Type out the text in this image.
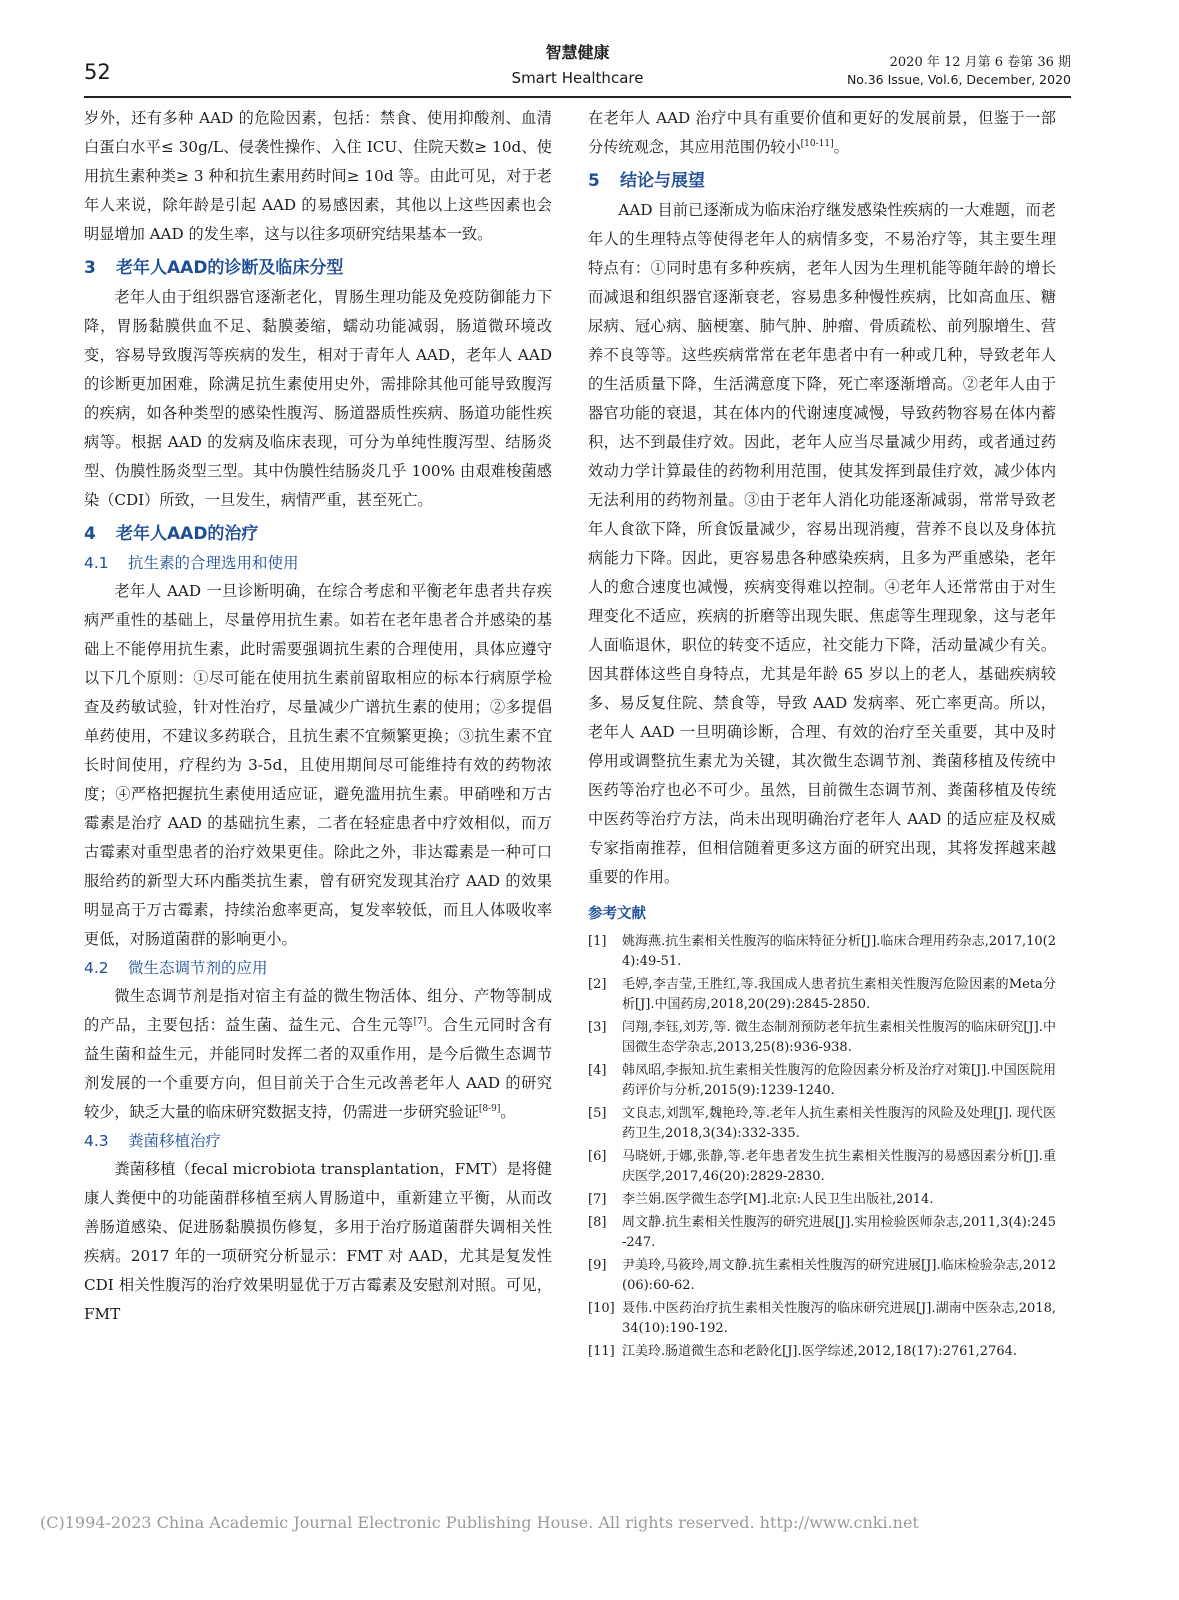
52
智慧健康
Smart Healthcare
2020 年 12 月第 6 卷第 36 期
No.36 Issue, Vol.6, December, 2020

岁外，还有多种 AAD 的危险因素，包括：禁食、使用抑酸剂、血清白蛋白水平≤ 30g/L、侵袭性操作、入住 ICU、住院天数≥ 10d、使用抗生素种类≥ 3 种和抗生素用药时间≥ 10d 等。由此可见，对于老年人来说，除年龄是引起 AAD 的易感因素，其他以上这些因素也会明显增加 AAD 的发生率，这与以往多项研究结果基本一致。

3 老年人AAD的诊断及临床分型

老年人由于组织器官逐渐老化，胃肠生理功能及免疫防御能力下降，胃肠黏膜供血不足、黏膜萎缩，蠕动功能减弱，肠道微环境改变，容易导致腹泻等疾病的发生，相对于青年人 AAD，老年人 AAD 的诊断更加困难，除满足抗生素使用史外，需排除其他可能导致腹泻的疾病，如各种类型的感染性腹泻、肠道器质性疾病、肠道功能性疾病等。根据 AAD 的发病及临床表现，可分为单纯性腹泻型、结肠炎型、伪膜性肠炎型三型。其中伪膜性结肠炎几乎 100% 由艰难梭菌感染（CDI）所致，一旦发生，病情严重，甚至死亡。

4 老年人AAD的治疗
4.1 抗生素的合理选用和使用

老年人 AAD 一旦诊断明确，在综合考虑和平衡老年患者共存疾病严重性的基础上，尽量停用抗生素。如若在老年患者合并感染的基础上不能停用抗生素，此时需要强调抗生素的合理使用，具体应遵守以下几个原则：①尽可能在使用抗生素前留取相应的标本行病原学检查及药敏试验，针对性治疗，尽量减少广谱抗生素的使用；②多提倡单药使用，不建议多药联合，且抗生素不宜频繁更换；③抗生素不宜长时间使用，疗程约为 3-5d，且使用期间尽可能维持有效的药物浓度；④严格把握抗生素使用适应证，避免滥用抗生素。甲硝唑和万古霉素是治疗 AAD 的基础抗生素，二者在轻症患者中疗效相似，而万古霉素对重型患者的治疗效果更佳。除此之外，非达霉素是一种可口服给药的新型大环内酯类抗生素，曾有研究发现其治疗 AAD 的效果明显高于万古霉素，持续治愈率更高，复发率较低，而且人体吸收率更低，对肠道菌群的影响更小。

4.2 微生态调节剂的应用

微生态调节剂是指对宿主有益的微生物活体、组分、产物等制成的产品，主要包括：益生菌、益生元、合生元等[7]。合生元同时含有益生菌和益生元，并能同时发挥二者的双重作用，是今后微生态调节剂发展的一个重要方向，但目前关于合生元改善老年人 AAD 的研究较少，缺乏大量的临床研究数据支持，仍需进一步研究验证[8-9]。

4.3 粪菌移植治疗

粪菌移植（fecal microbiota transplantation，FMT）是将健康人粪便中的功能菌群移植至病人胃肠道中，重新建立平衡，从而改善肠道感染、促进肠黏膜损伤修复，多用于治疗肠道菌群失调相关性疾病。2017 年的一项研究分析显示：FMT 对 AAD，尤其是复发性 CDI 相关性腹泻的治疗效果明显优于万古霉素及安慰剂对照。可见，FMT

在老年人 AAD 治疗中具有重要价值和更好的发展前景，但鉴于一部分传统观念，其应用范围仍较小[10-11]。

5 结论与展望

AAD 目前已逐渐成为临床治疗继发感染性疾病的一大难题，而老年人的生理特点等使得老年人的病情多变，不易治疗等，其主要生理特点有：①同时患有多种疾病，老年人因为生理机能等随年龄的增长而减退和组织器官逐渐衰老，容易患多种慢性疾病，比如高血压、糖尿病、冠心病、脑梗塞、肺气肿、肿瘤、骨质疏松、前列腺增生、营养不良等等。这些疾病常常在老年患者中有一种或几种，导致老年人的生活质量下降，生活满意度下降，死亡率逐渐增高。②老年人由于器官功能的衰退，其在体内的代谢速度减慢，导致药物容易在体内蓄积，达不到最佳疗效。因此，老年人应当尽量减少用药，或者通过药效动力学计算最佳的药物利用范围，使其发挥到最佳疗效，减少体内无法利用的药物剂量。③由于老年人消化功能逐渐减弱，常常导致老年人食欲下降，所食饭量减少，容易出现消瘦，营养不良以及身体抗病能力下降。因此，更容易患各种感染疾病，且多为严重感染，老年人的愈合速度也减慢，疾病变得难以控制。④老年人还常常由于对生理变化不适应，疾病的折磨等出现失眠、焦虑等生理现象，这与老年人面临退休，职位的转变不适应，社交能力下降，活动量减少有关。因其群体这些自身特点，尤其是年龄 65 岁以上的老人，基础疾病较多、易反复住院、禁食等，导致 AAD 发病率、死亡率更高。所以，老年人 AAD 一旦明确诊断，合理、有效的治疗至关重要，其中及时停用或调整抗生素尤为关键，其次微生态调节剂、粪菌移植及传统中医药等治疗也必不可少。虽然，目前微生态调节剂、粪菌移植及传统中医药等治疗方法，尚未出现明确治疗老年人 AAD 的适应症及权威专家指南推荐，但相信随着更多这方面的研究出现，其将发挥越来越重要的作用。

参考文献
[1]	姚海燕.抗生素相关性腹泻的临床特征分析[J].临床合理用药杂志,2017,10(24):49-51.
[2]	毛婷,李吉莹,王胜红,等.我国成人患者抗生素相关性腹泻危险因素的Meta分析[J].中国药房,2018,20(29):2845-2850.
[3]	闫翔,李钰,刘芳,等. 微生态制剂预防老年抗生素相关性腹泻的临床研究[J].中国微生态学杂志,2013,25(8):936-938.
[4]	韩凤昭,李振知.抗生素相关性腹泻的危险因素分析及治疗对策[J].中国医院用药评价与分析,2015(9):1239-1240.
[5]	文良志,刘凯军,魏艳玲,等.老年人抗生素相关性腹泻的风险及处理[J]. 现代医药卫生,2018,3(34):332-335.
[6]	马晓妍,于娜,张静,等.老年患者发生抗生素相关性腹泻的易感因素分析[J].重庆医学,2017,46(20):2829-2830.
[7]	李兰娟.医学微生态学[M].北京:人民卫生出版社,2014.
[8]	周文静.抗生素相关性腹泻的研究进展[J].实用检验医师杂志,2011,3(4):245-247.
[9]	尹美玲,马筱玲,周文静.抗生素相关性腹泻的研究进展[J].临床检验杂志,2012(06):60-62.
[10] 聂伟.中医药治疗抗生素相关性腹泻的临床研究进展[J].湖南中医杂志,2018,34(10):190-192.
[11] 江美玲.肠道微生态和老龄化[J].医学综述,2012,18(17):2761,2764.
(C)1994-2023 China Academic Journal Electronic Publishing House. All rights reserved. http://www.cnki.net
